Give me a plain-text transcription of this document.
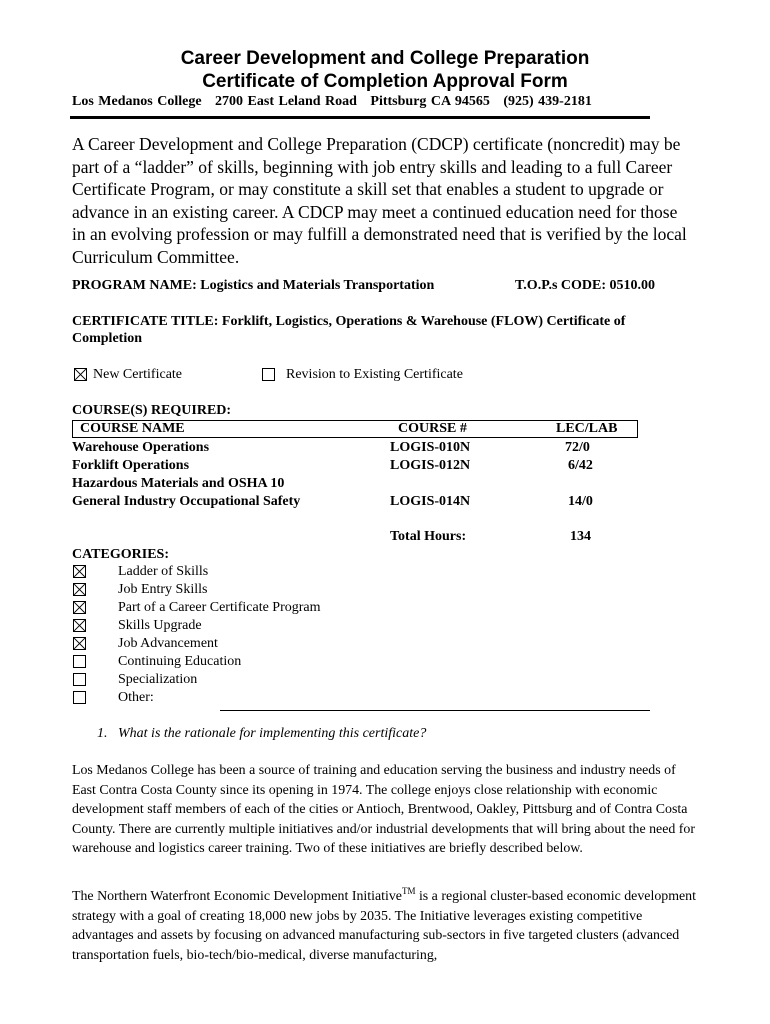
Career Development and College Preparation
Certificate of Completion Approval Form
Los Medanos College   2700 East Leland Road   Pittsburg CA 94565   (925) 439-2181
A Career Development and College Preparation (CDCP) certificate (noncredit) may be part of a “ladder” of skills, beginning with job entry skills and leading to a full Career Certificate Program, or may constitute a skill set that enables a student to upgrade or advance in an existing career. A CDCP may meet a continued education need for those in an evolving profession or may fulfill a demonstrated need that is verified by the local Curriculum Committee.
PROGRAM NAME: Logistics and Materials Transportation	T.O.P.s CODE: 0510.00
CERTIFICATE TITLE: Forklift, Logistics, Operations & Warehouse (FLOW) Certificate of
Completion
New Certificate	Revision to Existing Certificate
COURSE(S) REQUIRED:
COURSE NAME	COURSE #	LEC/LAB
Warehouse Operations	LOGIS-010N	72/0
Forklift Operations	LOGIS-012N	6/42
Hazardous Materials and OSHA 10
General Industry Occupational Safety	LOGIS-014N	14/0
Total Hours:	134
CATEGORIES:
Ladder of Skills
Job Entry Skills
Part of a Career Certificate Program
Skills Upgrade
Job Advancement
Continuing Education
Specialization
Other:
1. What is the rationale for implementing this certificate?
Los Medanos College has been a source of training and education serving the business and industry needs of East Contra Costa County since its opening in 1974. The college enjoys close relationship with economic development staff members of each of the cities or Antioch, Brentwood, Oakley, Pittsburg and of Contra Costa County. There are currently multiple initiatives and/or industrial developments that will bring about the need for warehouse and logistics career training. Two of these initiatives are briefly described below.
The Northern Waterfront Economic Development Initiative™ is a regional cluster-based economic development strategy with a goal of creating 18,000 new jobs by 2035. The Initiative leverages existing competitive advantages and assets by focusing on advanced manufacturing sub-sectors in five targeted clusters (advanced transportation fuels, bio-tech/bio-medical, diverse manufacturing,
